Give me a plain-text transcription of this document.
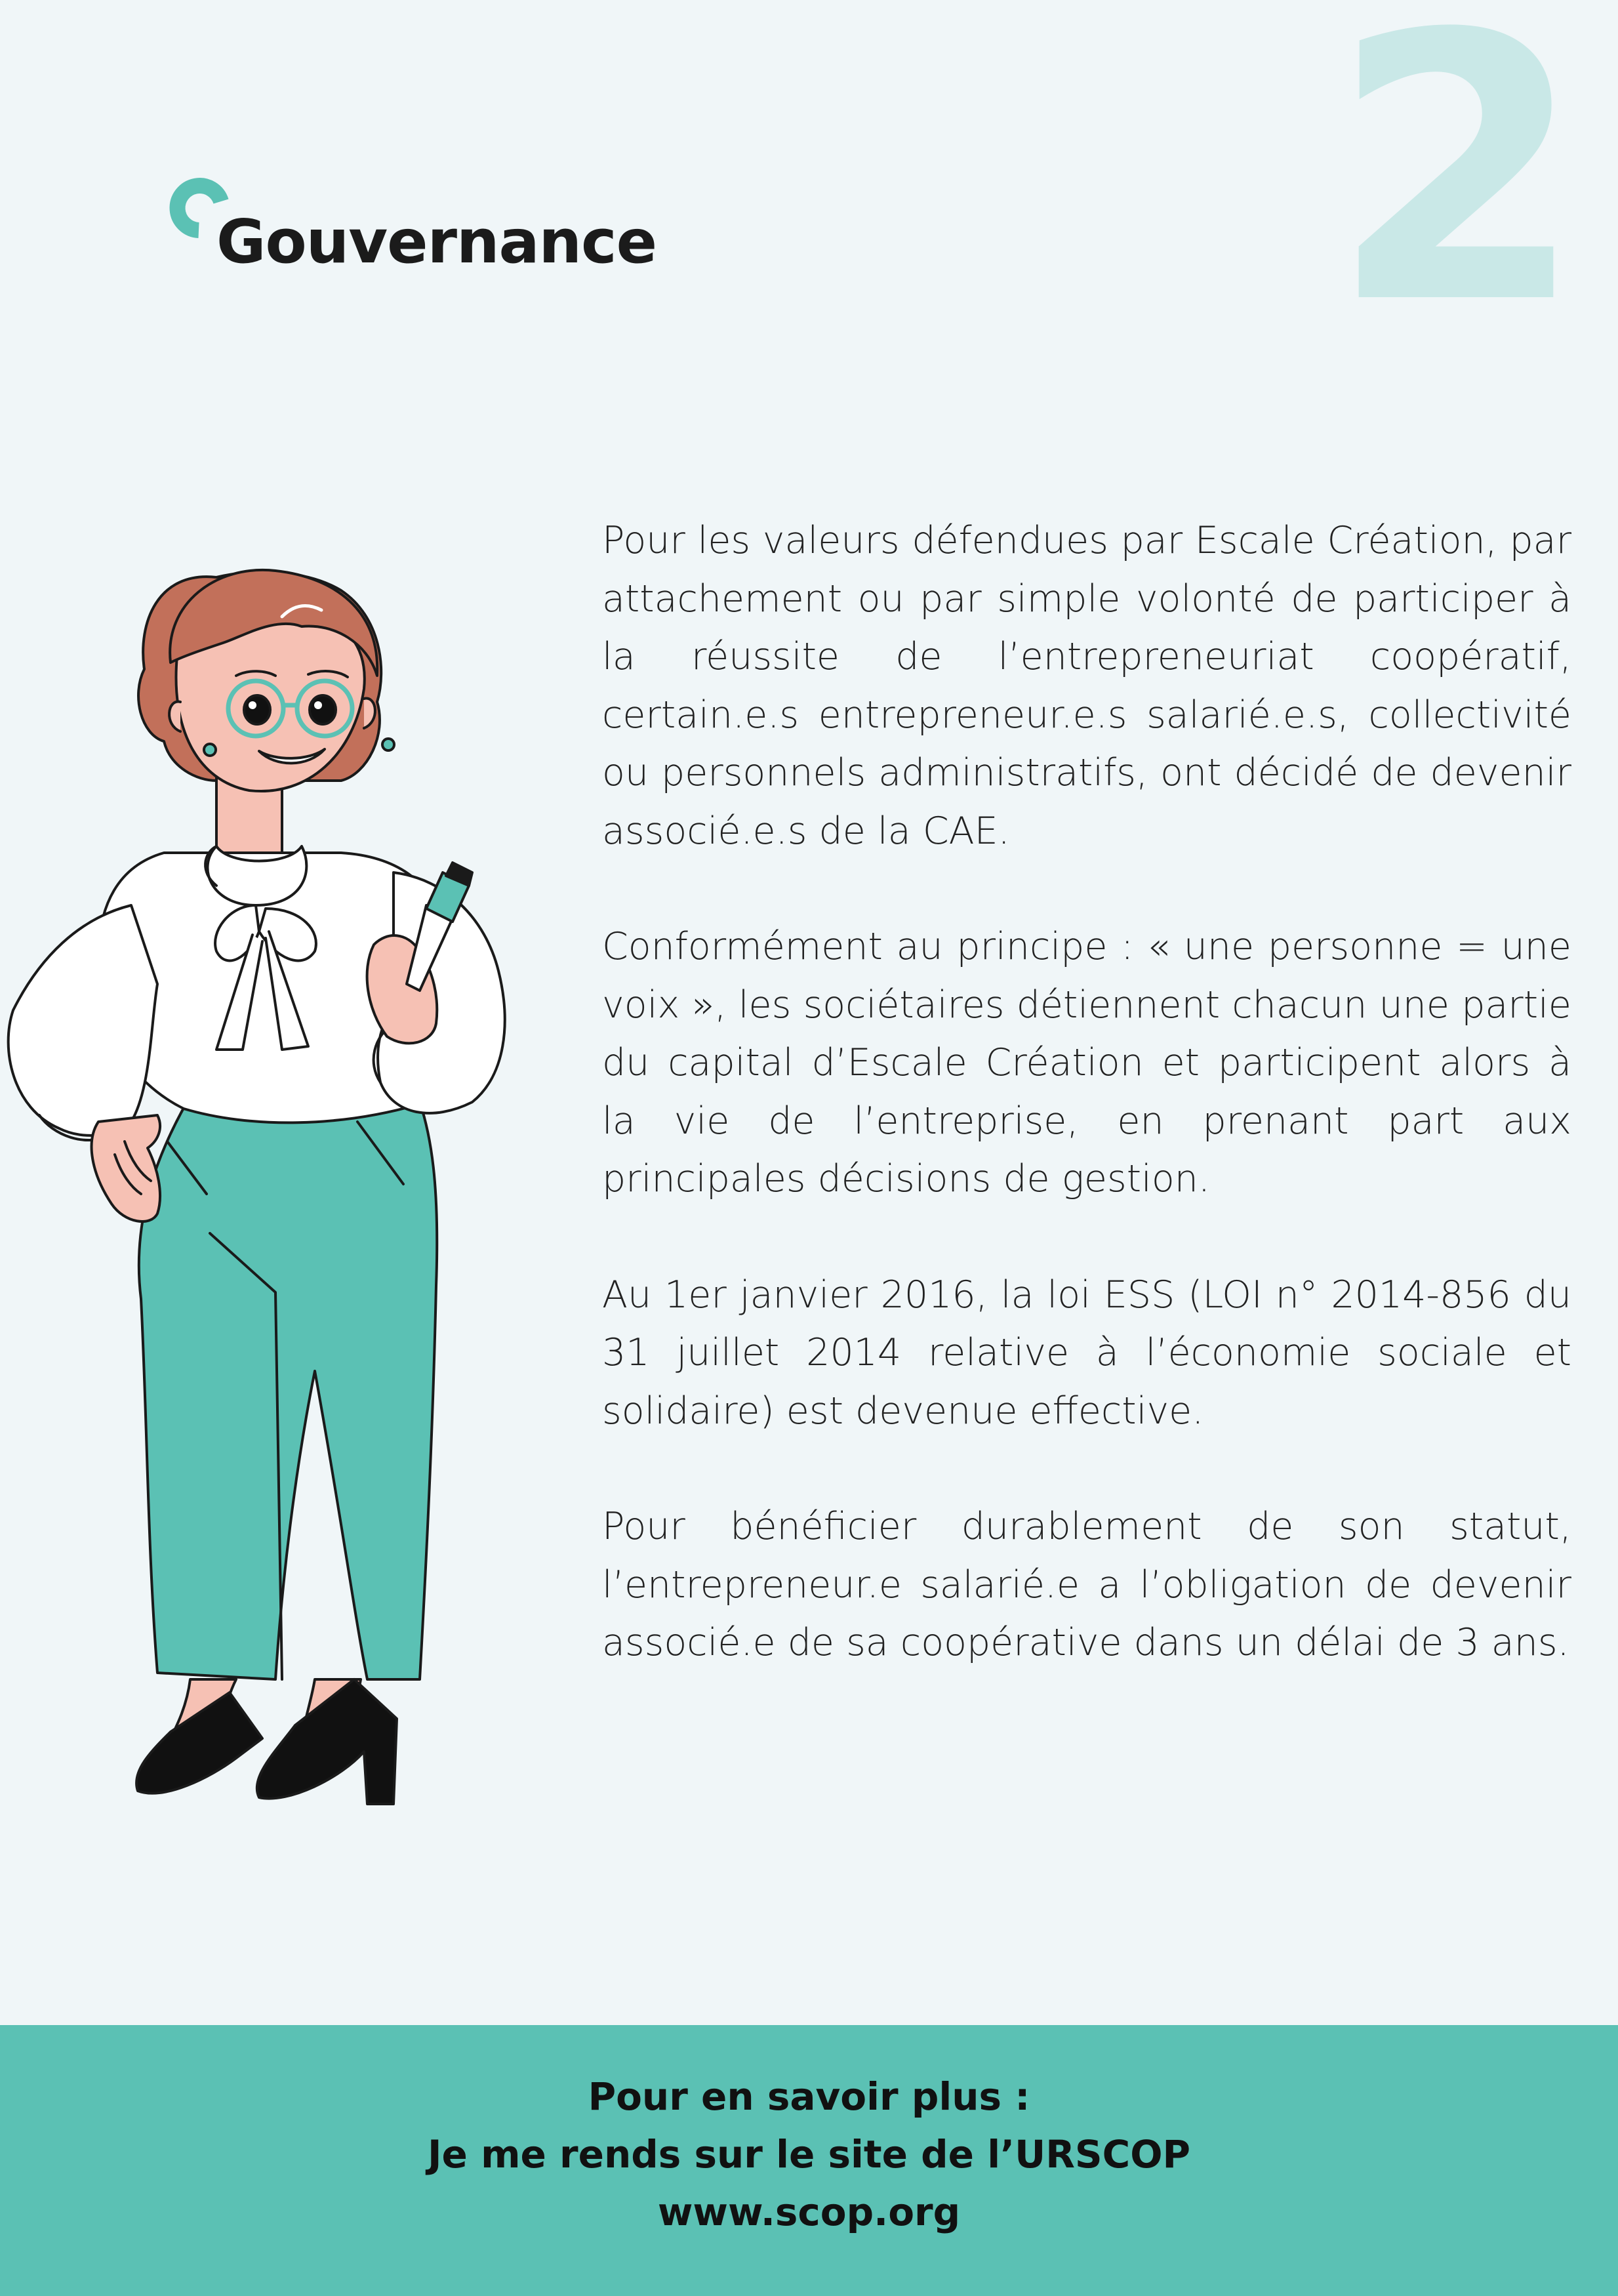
2
Gouvernance

Pour les valeurs défendues par Escale Création, par attachement ou par simple volonté de participer à la réussite de l’entrepreneuriat coopératif, certain.e.s entrepreneur.e.s salarié.e.s, collectivité ou personnels administratifs, ont décidé de devenir associé.e.s de la CAE.

Conformément au principe : « une personne = une voix », les sociétaires détiennent chacun une partie du capital d’Escale Création et participent alors à la vie de l’entreprise, en prenant part aux principales décisions de gestion.

Au 1er janvier 2016, la loi ESS (LOI n° 2014-856 du 31 juillet 2014 relative à l’économie sociale et solidaire) est devenue effective.

Pour bénéficier durablement de son statut, l’entrepreneur.e salarié.e a l’obligation de devenir associé.e de sa coopérative dans un délai de 3 ans.

Pour en savoir plus :
Je me rends sur le site de l’URSCOP
www.scop.org
